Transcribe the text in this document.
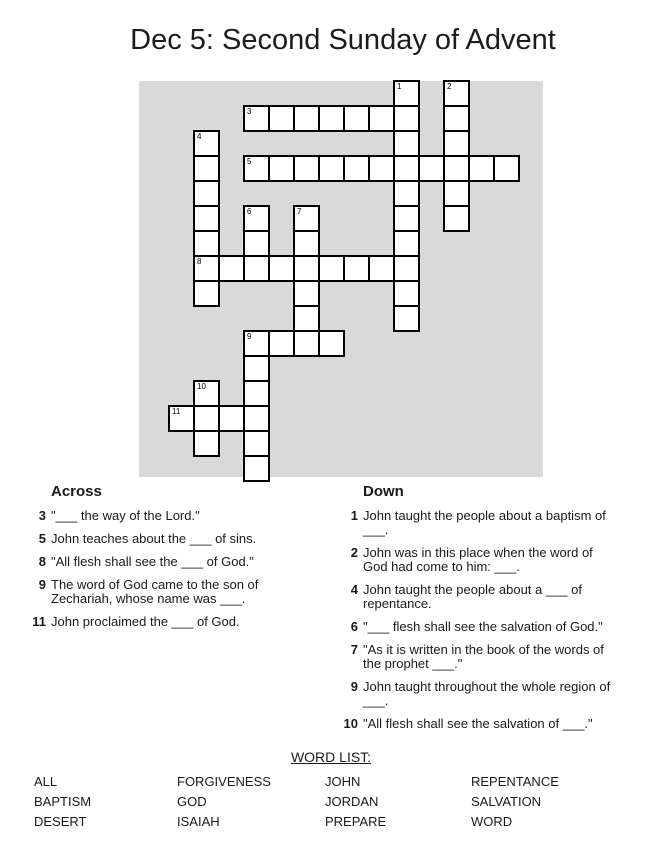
Dec 5: Second Sunday of Advent
1	2
3
4
8
5
6	7
9
10
11
Across
3 "___ the way of the Lord."
5 John teaches about the ___ of sins.
8 "All flesh shall see the ___ of God."
9 The word of God came to the son of
Zechariah, whose name was ___.
11 John proclaimed the ___ of God.
Down
1 John taught the people about a baptism of
___.
2 John was in this place when the word of
God had come to him: ___.
4 John taught the people about a ___ of
repentance.
6 "___ flesh shall see the salvation of God."
7 "As it is written in the book of the words of
the prophet ___."
9 John taught throughout the whole region of
___.
10 "All flesh shall see the salvation of ___."
WORD LIST:
ALL
BAPTISM
DESERT
FORGIVENESS
GOD
ISAIAH
JOHN
JORDAN
PREPARE
REPENTANCE
SALVATION
WORD
